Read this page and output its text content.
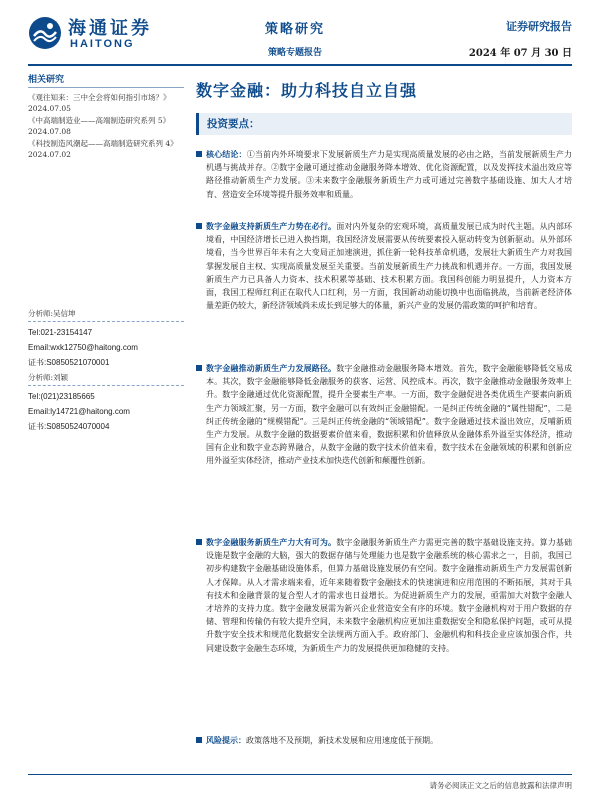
海通证券
HAITONG
策略研究
策略专题报告
证券研究报告
2024 年 07 月 30 日
相关研究
《观往知来：三中全会将如何指引市场？》2024.07.05
《中高端制造业——高端制造研究系列 5》2024.07.08
《科技制造风潮起——高端制造研究系列 4》2024.07.02
分析师:吴信坤
Tel:021-23154147
Email:wxk12750@haitong.com
证书:S0850521070001
分析师:刘颖
Tel:(021)23185665
Email:ly14721@haitong.com
证书:S0850524070004
数字金融：助力科技自立自强
投资要点：
核心结论：①当前内外环境要求下发展新质生产力是实现高质量发展的必由之路，当前发展新质生产力机遇与挑战并存。②数字金融可通过推动金融服务降本增效、优化资源配置，以及发挥技术溢出效应等路径推动新质生产力发展。③未来数字金融服务新质生产力或可通过完善数字基础设施、加大人才培育、营造安全环境等提升服务效率和质量。
数字金融支持新质生产力势在必行。面对内外复杂的宏观环境，高质量发展已成为时代主题。从内部环境看，中国经济增长已进入换挡期，我国经济发展需要从传统要素投入驱动转变为创新驱动。从外部环境看，当今世界百年未有之大变局正加速演进，抓住新一轮科技革命机遇，发展壮大新质生产力对我国掌握发展自主权、实现高质量发展至关重要。当前发展新质生产力挑战和机遇并存。一方面，我国发展新质生产力已具备人力资本、技术积累等基础、技术积累方面。我国科创能力明显提升，人力资本方面，我国工程师红利正在取代人口红利，另一方面，我国新动动能切换中也面临挑战，当前新老经济体量差距仍较大，新经济领域尚未成长到足够大的体量，新兴产业的发展仍需政策的呵护和培育。
数字金融推动新质生产力发展路径。数字金融推动金融服务降本增效。首先，数字金融能够降低交易成本。其次，数字金融能够降低金融服务的获客、运营、风控成本。再次，数字金融推动金融服务效率上升。数字金融通过优化资源配置，提升全要素生产率。一方面，数字金融促进各类优质生产要素向新质生产力领域汇聚，另一方面，数字金融可以有效纠正金融错配。一是纠正传统金融的“属性错配”，二是纠正传统金融的“规模错配”。三是纠正传统金融的“领域错配”。数字金融通过技术溢出效应，反哺新质生产力发展。从数字金融的数据要素价值来看，数据积累和价值释放从金融体系外溢至实体经济，推动国有企业和数字业态跨界融合，从数字金融的数字技术价值来看，数字技术在金融领域的积累和创新应用外溢至实体经济，推动产业技术加快迭代创新和颠覆性创新。
数字金融服务新质生产力大有可为。数字金融服务新质生产力需更完善的数字基础设施支持。算力基础设施是数字金融的大脑，强大的数据存储与处理能力也是数字金融系统的核心需求之一，目前，我国已初步构建数字金融基础设施体系，但算力基础设施发展仍有空间。数字金融推动新质生产力发展需创新人才保障。从人才需求端来看，近年来随着数字金融技术的快速演进和应用范围的不断拓展，其对于具有技术和金融背景的复合型人才的需求也日益增长。为促进新质生产力的发展，亟需加大对数字金融人才培养的支持力度。数字金融发展需为新兴企业营造安全有序的环境。数字金融机构对于用户数据的存储、管理和传输仍有较大提升空间，未来数字金融机构应更加注重数据安全和隐私保护问题，或可从提升数字安全技术和规范化数据安全法规两方面入手。政府部门、金融机构和科技企业应该加强合作，共同建设数字金融生态环境，为新质生产力的发展提供更加稳健的支持。
风险提示：政策落地不及预期，新技术发展和应用速度低于预期。
请务必阅读正文之后的信息披露和法律声明
